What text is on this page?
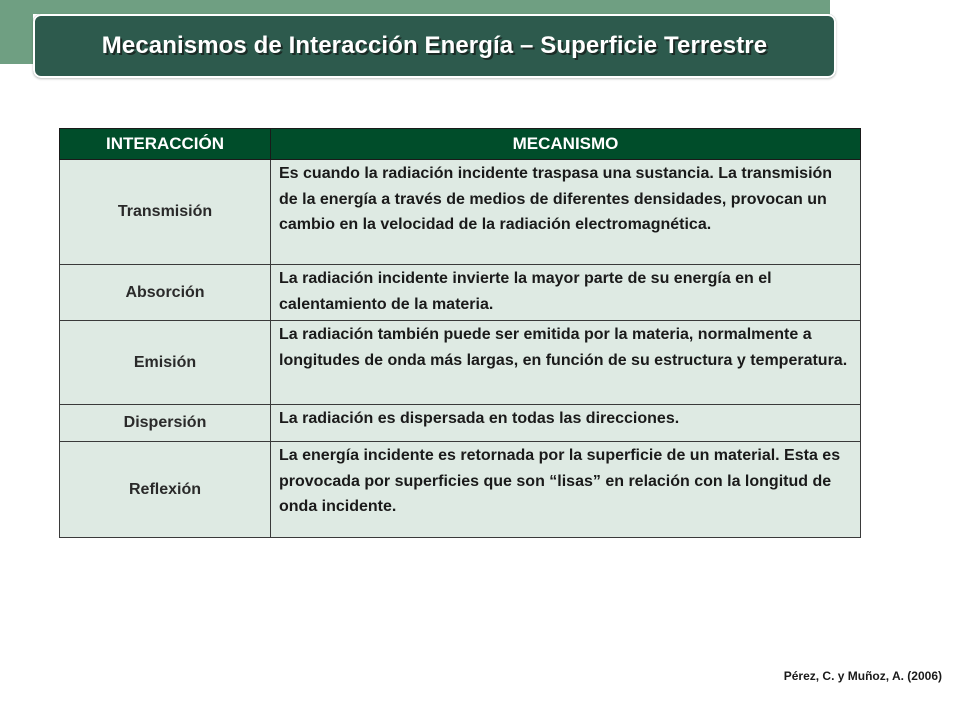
Mecanismos de Interacción Energía – Superficie Terrestre
INTERACCIÓN	MECANISMO
Transmisión	Es cuando la radiación incidente traspasa una sustancia. La transmisión de la energía a través de medios de diferentes densidades, provocan un cambio en la velocidad de la radiación electromagnética.
Absorción	La radiación incidente invierte la mayor parte de su energía en el calentamiento de la materia.
Emisión	La radiación también puede ser emitida por la materia, normalmente a longitudes de onda más largas, en función de su estructura y temperatura.
Dispersión	La radiación es dispersada en todas las direcciones.
Reflexión	La energía incidente es retornada por la superficie de un material. Esta es provocada por superficies que son “lisas” en relación con la longitud de onda incidente.
Pérez, C. y Muñoz, A. (2006)
